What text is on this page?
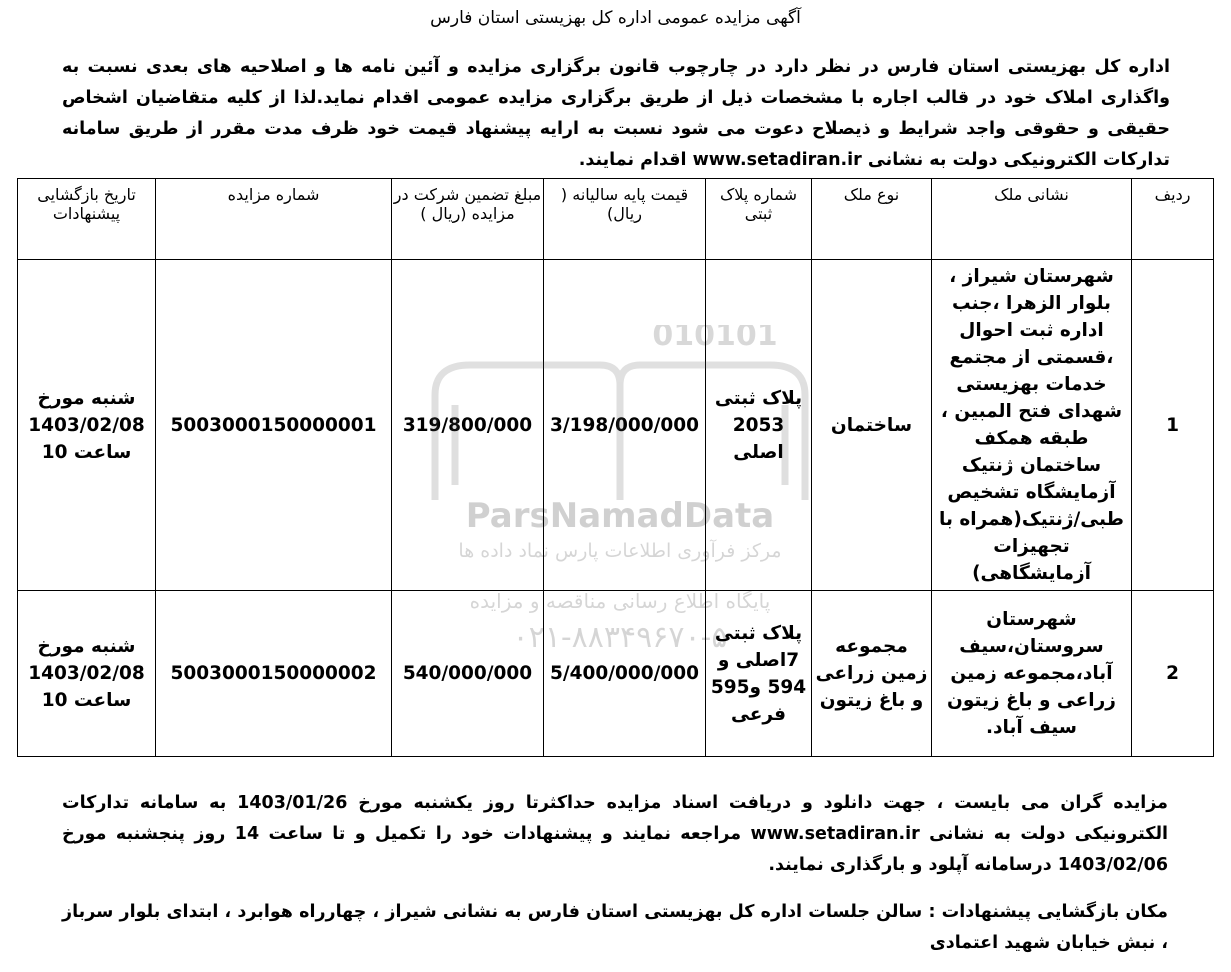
آگهی مزایده عمومی اداره کل بهزیستی استان فارس
اداره کل بهزیستی استان فارس در نظر دارد در چارچوب قانون برگزاری مزایده و آئین نامه ها و اصلاحیه های بعدی نسبت به واگذاری املاک خود در قالب اجاره با مشخصات ذیل از طریق برگزاری مزایده عمومی اقدام نماید.لذا از کلیه متقاضیان اشخاص حقیقی و حقوقی واجد شرایط و ذیصلاح دعوت می شود نسبت به ارایه پیشنهاد قیمت خود ظرف مدت مقرر از طریق سامانه تدارکات الکترونیکی دولت به نشانی www.setadiran.ir اقدام نمایند.
ردیف	نشانی ملک	نوع ملک	شماره پلاک ثبتی	قیمت پایه سالیانه ( ریال)	مبلغ تضمین شرکت در مزایده (ریال )	شماره مزایده	تاریخ بازگشایی پیشنهادات
1	شهرستان شیراز ، بلوار الزهرا ،جنب اداره ثبت احوال ،قسمتی از مجتمع خدمات بهزیستی شهدای فتح المبین ، طبقه همکف ساختمان ژنتیک آزمایشگاه تشخیص طبی/ژنتیک(همراه با تجهیزات آزمایشگاهی)	ساختمان	پلاک ثبتی 2053 اصلی	3/198/000/000	319/800/000	5003000150000001	شنبه مورخ 1403/02/08 ساعت 10
2	شهرستان سروستان،سیف آباد،مجموعه زمین زراعی و باغ زیتون سیف آباد.	مجموعه زمین زراعی و باغ زیتون	پلاک ثبتی 7اصلی و 594 و595 فرعی	5/400/000/000	540/000/000	5003000150000002	شنبه مورخ 1403/02/08 ساعت 10
010101
ParsNamadData
مرکز فرآوری اطلاعات پارس نماد داده ها
پایگاه اطلاع رسانی مناقصه و مزایده
۰۲۱-۸۸۳۴۹۶۷۰-۵

مزایده گران می بایست ، جهت دانلود و دریافت اسناد مزایده حداکثرتا روز یکشنبه مورخ 1403/01/26 به سامانه تدارکات الکترونیکی دولت به نشانی www.setadiran.ir مراجعه نمایند و پیشنهادات خود را تکمیل و تا ساعت 14 روز پنجشنبه مورخ 1403/02/06 درسامانه آپلود و بارگذاری نمایند.

مکان بازگشایی پیشنهادات : سالن جلسات اداره کل بهزیستی استان فارس به نشانی شیراز ، چهارراه هوابرد ، ابتدای بلوار سرباز ، نبش خیابان شهید اعتمادی
